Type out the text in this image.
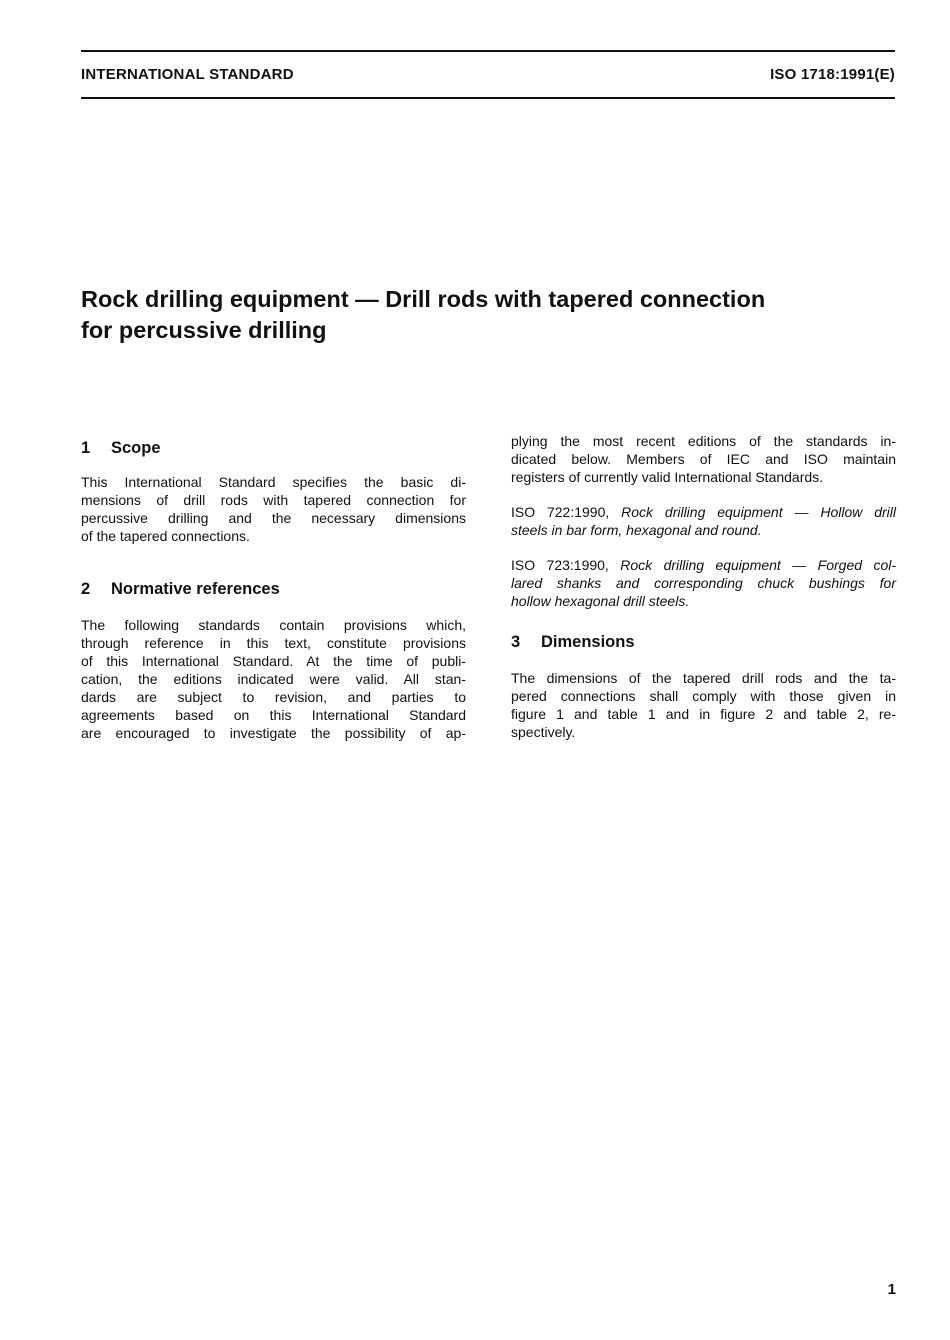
INTERNATIONAL STANDARD	ISO 1718:1991(E)
Rock drilling equipment — Drill rods with tapered connection
for percussive drilling
1 Scope

This International Standard specifies the basic di-
mensions of drill rods with tapered connection for
percussive drilling and the necessary dimensions
of the tapered connections.

2 Normative references

The following standards contain provisions which,
through reference in this text, constitute provisions
of this International Standard. At the time of publi-
cation, the editions indicated were valid. All stan-
dards are subject to revision, and parties to
agreements based on this International Standard
are encouraged to investigate the possibility of ap-

plying the most recent editions of the standards in-
dicated below. Members of IEC and ISO maintain
registers of currently valid International Standards.

ISO 722:1990, Rock drilling equipment — Hollow drill
steels in bar form, hexagonal and round.

ISO 723:1990, Rock drilling equipment — Forged col-
lared shanks and corresponding chuck bushings for
hollow hexagonal drill steels.

3 Dimensions

The dimensions of the tapered drill rods and the ta-
pered connections shall comply with those given in
figure 1 and table 1 and in figure 2 and table 2, re-
spectively.

1
